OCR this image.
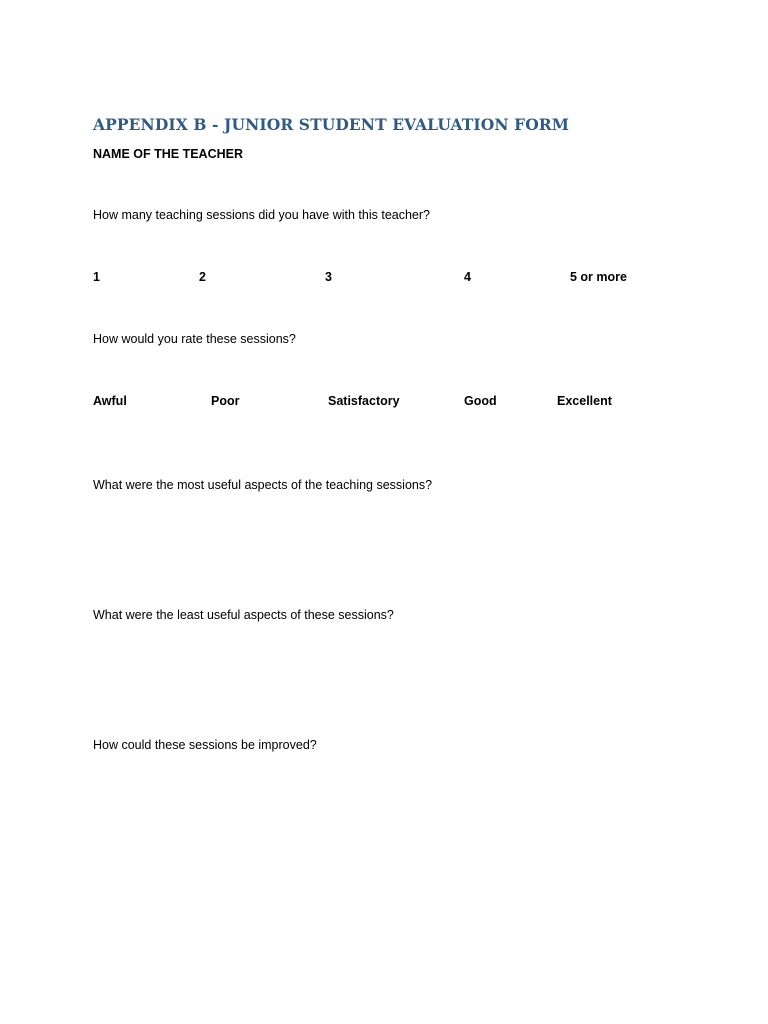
APPENDIX B - JUNIOR STUDENT EVALUATION FORM
NAME OF THE TEACHER
How many teaching sessions did you have with this teacher?
1	2	3	4	5 or more
How would you rate these sessions?
Awful	Poor	Satisfactory	Good	Excellent
What were the most useful aspects of the teaching sessions?
What were the least useful aspects of these sessions?
How could these sessions be improved?
